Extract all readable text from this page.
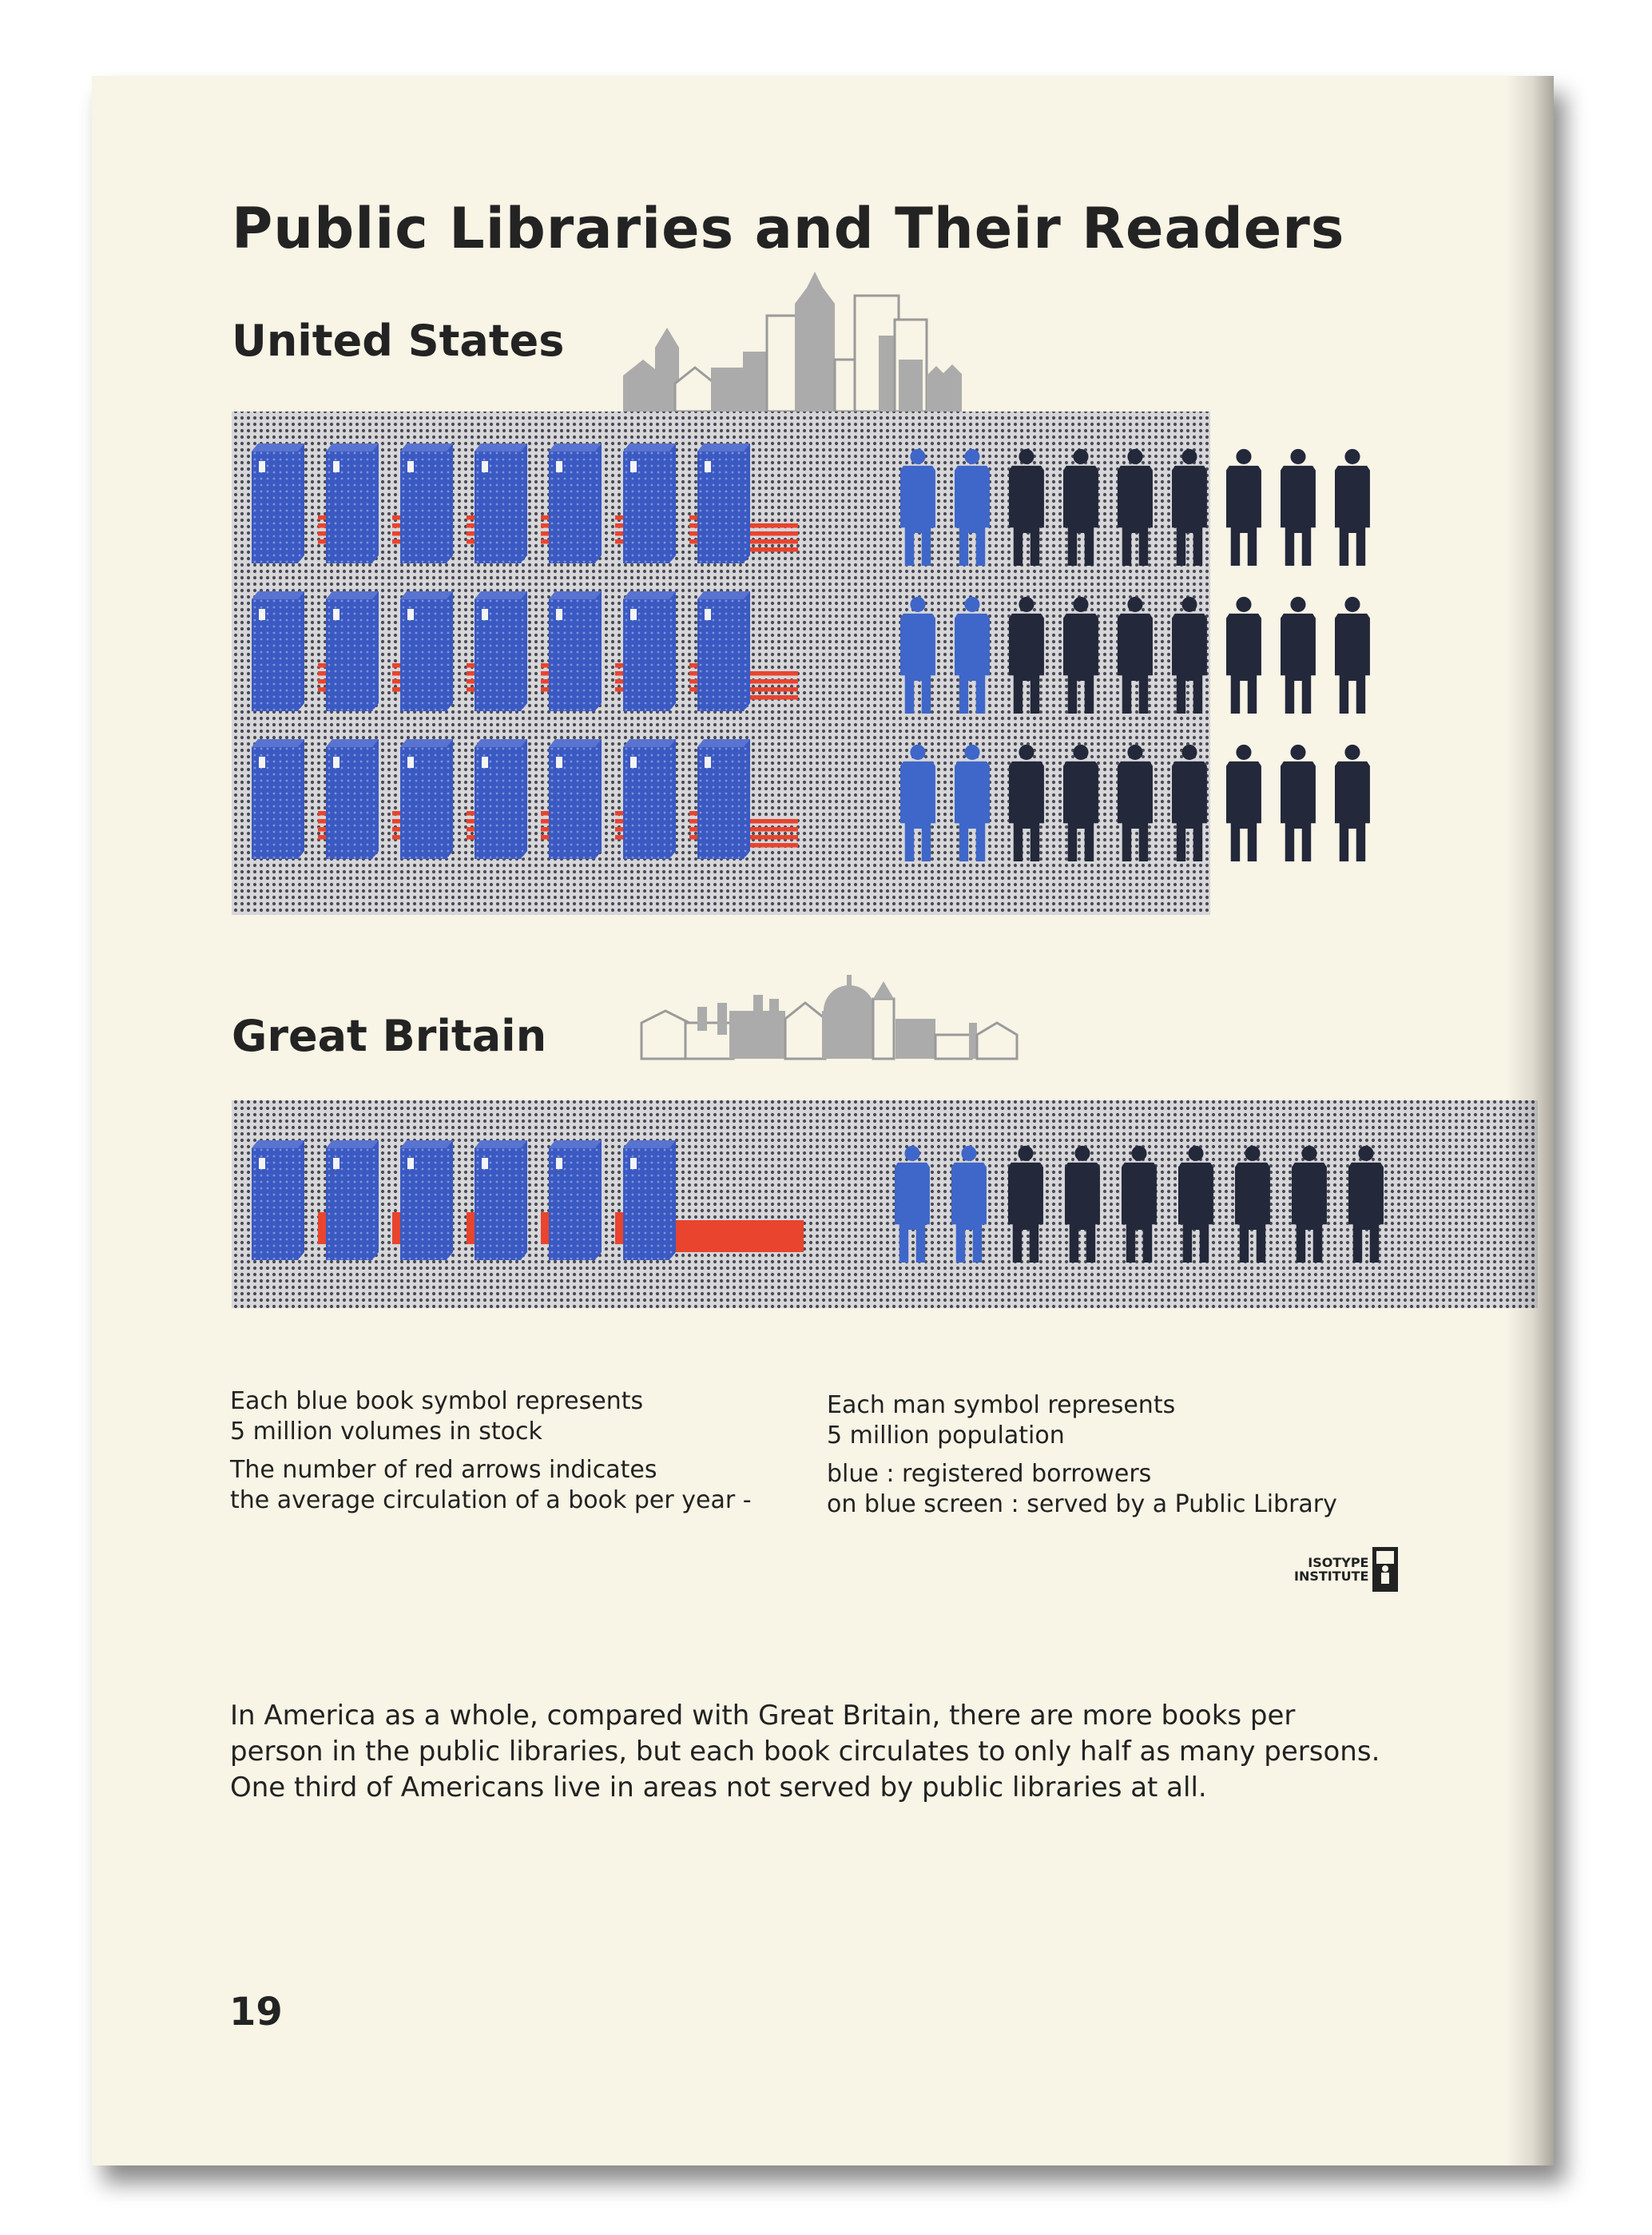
Public Libraries and Their Readers
United States
Great Britain
Each blue book symbol represents
5 million volumes in stock
The number of red arrows indicates
the average circulation of a book per year -
Each man symbol represents
5 million population
blue : registered borrowers
on blue screen : served by a Public Library
ISOTYPE
INSTITUTE
In America as a whole, compared with Great Britain, there are more books per
person in the public libraries, but each book circulates to only half as many persons.
One third of Americans live in areas not served by public libraries at all.
19
